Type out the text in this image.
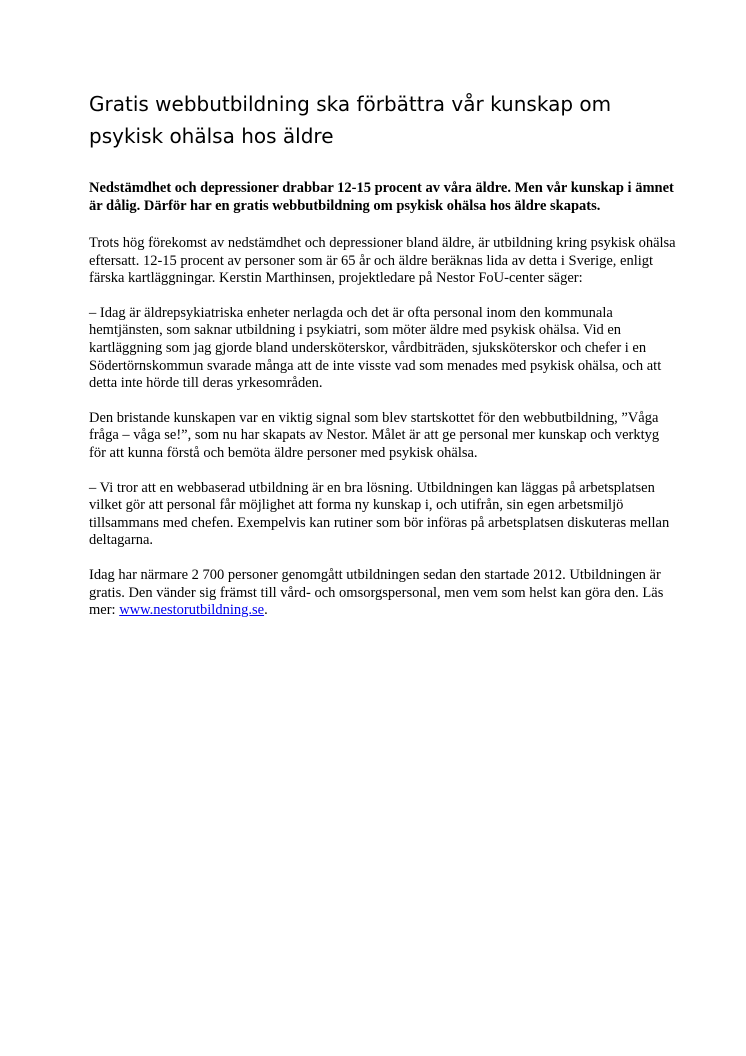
Gratis webbutbildning ska förbättra vår kunskap om psykisk ohälsa hos äldre

Nedstämdhet och depressioner drabbar 12-15 procent av våra äldre. Men vår kunskap i ämnet är dålig. Därför har en gratis webbutbildning om psykisk ohälsa hos äldre skapats.

Trots hög förekomst av nedstämdhet och depressioner bland äldre, är utbildning kring psykisk ohälsa eftersatt. 12-15 procent av personer som är 65 år och äldre beräknas lida av detta i Sverige, enligt färska kartläggningar. Kerstin Marthinsen, projektledare på Nestor FoU-center säger:

– Idag är äldrepsykiatriska enheter nerlagda och det är ofta personal inom den kommunala hemtjänsten, som saknar utbildning i psykiatri, som möter äldre med psykisk ohälsa. Vid en kartläggning som jag gjorde bland undersköterskor, vårdbiträden, sjuksköterskor och chefer i en Södertörnskommun svarade många att de inte visste vad som menades med psykisk ohälsa, och att detta inte hörde till deras yrkesområden.

Den bristande kunskapen var en viktig signal som blev startskottet för den webbutbildning, ”Våga fråga – våga se!”, som nu har skapats av Nestor. Målet är att ge personal mer kunskap och verktyg för att kunna förstå och bemöta äldre personer med psykisk ohälsa.

– Vi tror att en webbaserad utbildning är en bra lösning. Utbildningen kan läggas på arbetsplatsen vilket gör att personal får möjlighet att forma ny kunskap i, och utifrån, sin egen arbetsmiljö tillsammans med chefen. Exempelvis kan rutiner som bör införas på arbetsplatsen diskuteras mellan deltagarna.

Idag har närmare 2 700 personer genomgått utbildningen sedan den startade 2012. Utbildningen är gratis. Den vänder sig främst till vård- och omsorgspersonal, men vem som helst kan göra den. Läs mer: www.nestorutbildning.se.
